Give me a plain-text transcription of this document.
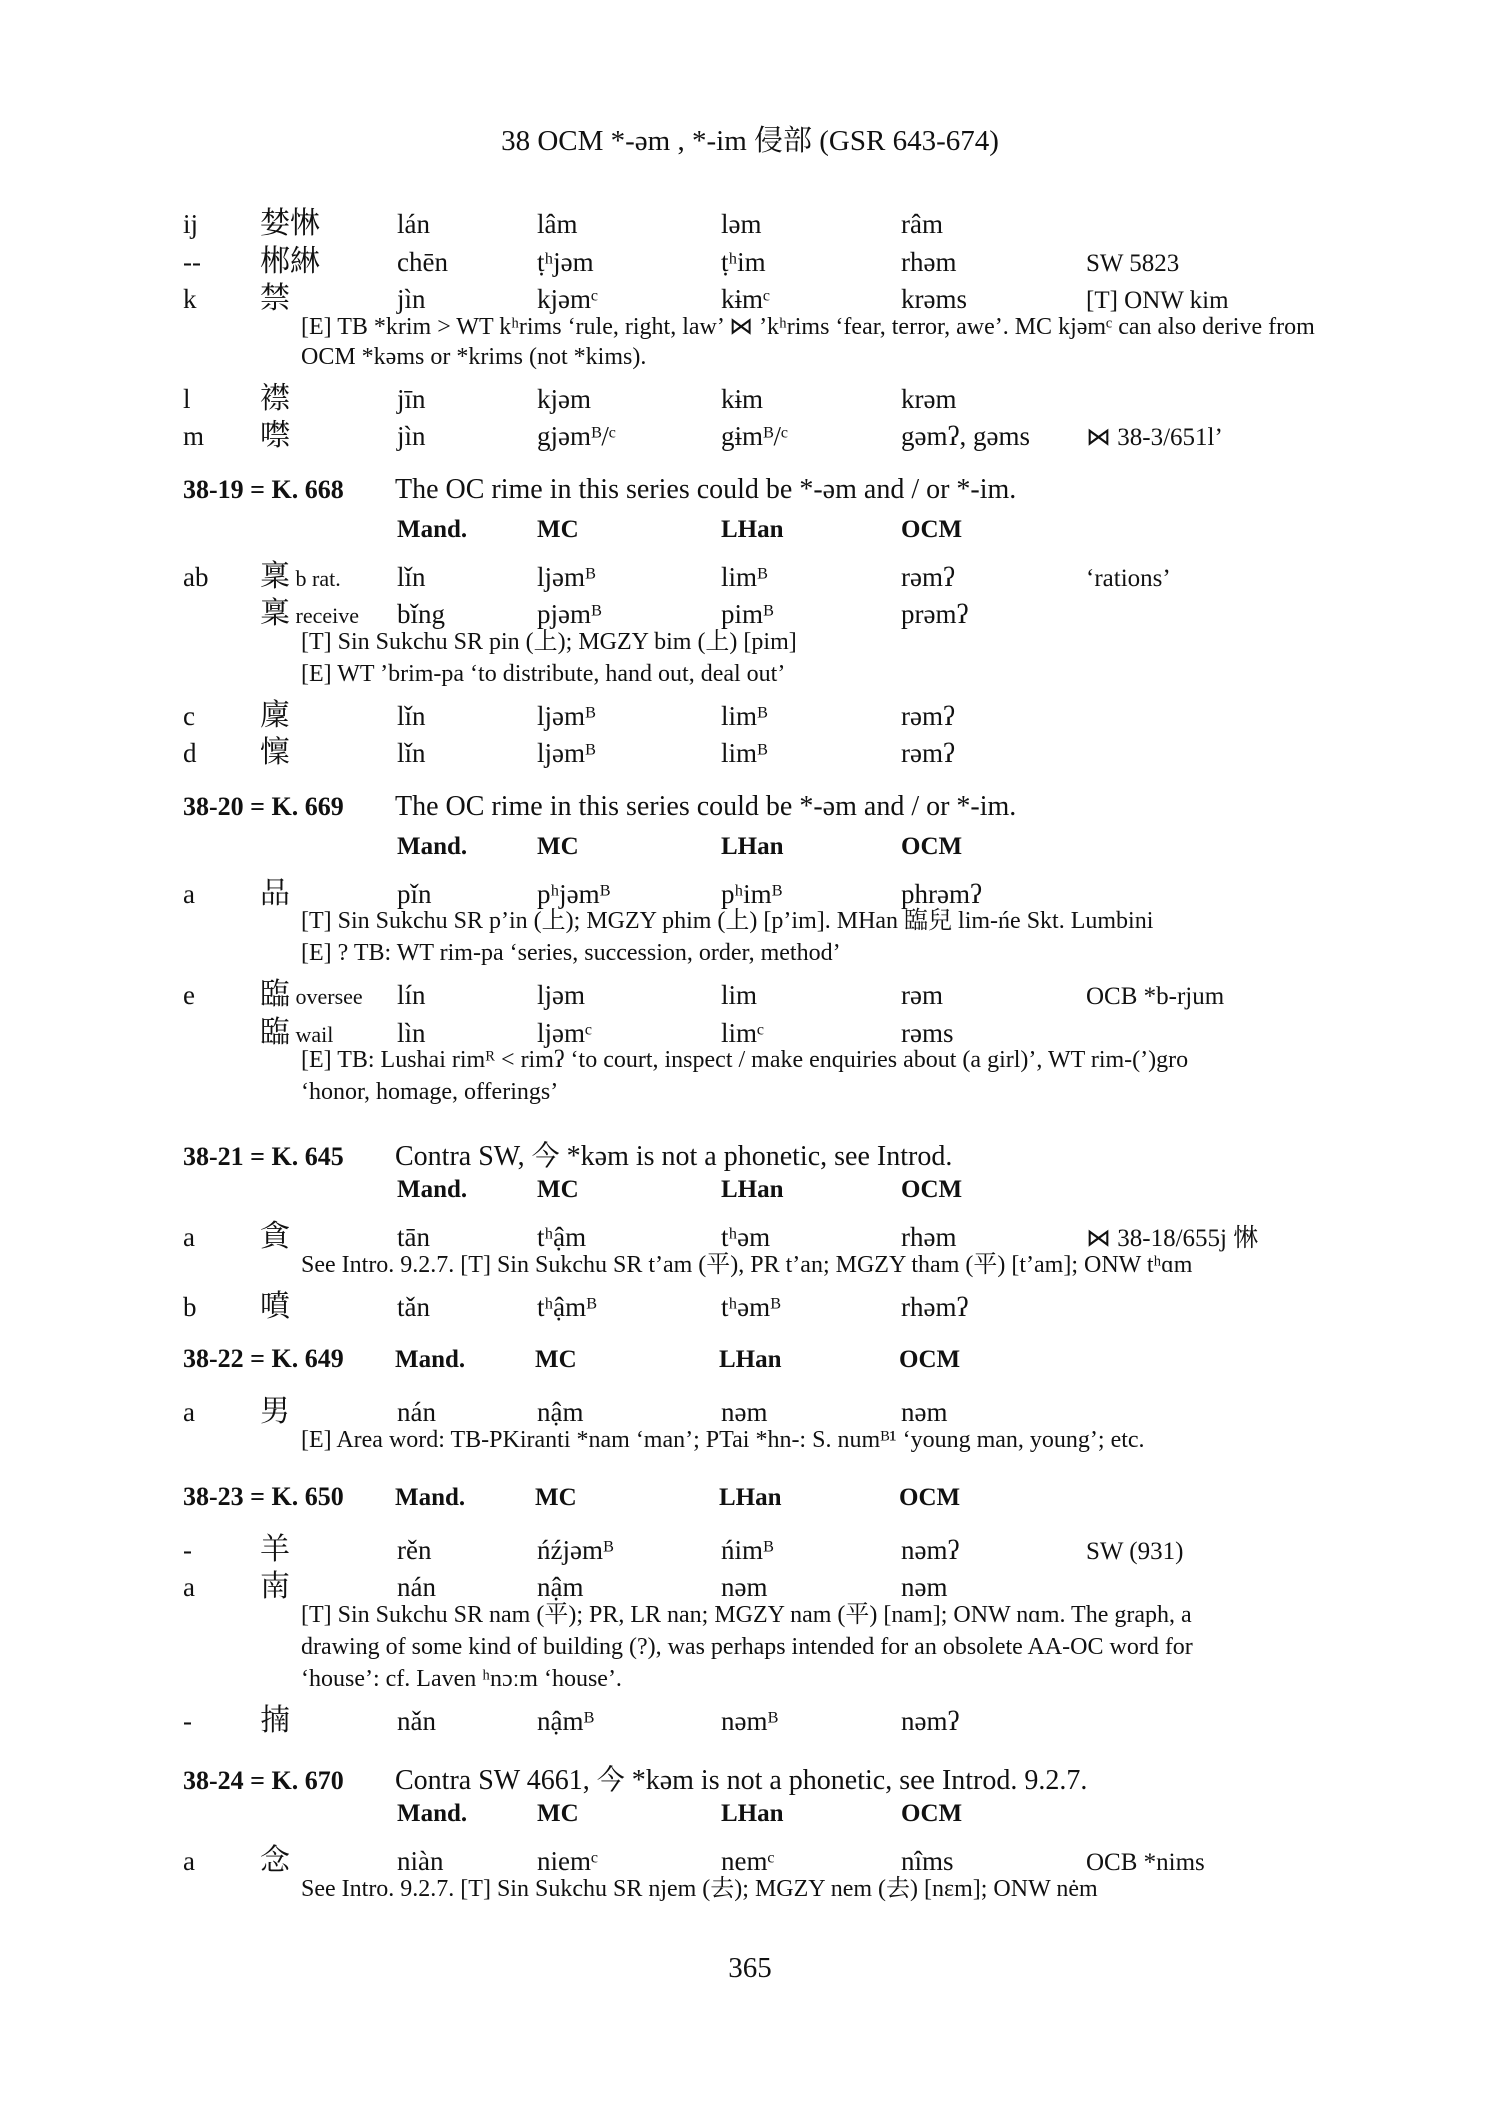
38 OCM *-əm , *-im 侵部 (GSR 643-674)
ij	婪惏	lán	lâm	ləm	râm
--	郴綝	chēn	ṭʰjəm	ṭʰim	rhəm	SW 5823
k	禁	jìn	kjəmᶜ	kɨmᶜ	krəms	[T] ONW kim
[E] TB *krim > WT kʰrims ‘rule, right, law’ ⋈ ’kʰrims ‘fear, terror, awe’. MC kjəmᶜ can also derive from OCM *kəms or *krims (not *kims).
l	襟	jīn	kjəm	kɨm	krəm
m	噤	jìn	gjəmᴮ/ᶜ	gɨmᴮ/ᶜ	gəmʔ, gəms	⋈ 38-3/651l’
38-19 = K. 668	The OC rime in this series could be *-əm and / or *-im.
Mand.	MC	LHan	OCM
ab	稟 b rat.	lǐn	ljəmᴮ	limᴮ	rəmʔ	‘rations’
稟 receive	bǐng	pjəmᴮ	pimᴮ	prəmʔ
[T] Sin Sukchu SR pin (上); MGZY bim (上) [pim]
[E] WT ’brim-pa ‘to distribute, hand out, deal out’
c	廩	lǐn	ljəmᴮ	limᴮ	rəmʔ
d	懍	lǐn	ljəmᴮ	limᴮ	rəmʔ
38-20 = K. 669	The OC rime in this series could be *-əm and / or *-im.
Mand.	MC	LHan	OCM
a	品	pǐn	pʰjəmᴮ	pʰimᴮ	phrəmʔ
[T] Sin Sukchu SR p’in (上); MGZY phim (上) [p’im]. MHan 臨兒 lim-ńe Skt. Lumbini
[E] ? TB: WT rim-pa ‘series, succession, order, method’
e	臨 oversee	lín	ljəm	lim	rəm	OCB *b-rjum
臨 wail	lìn	ljəmᶜ	limᶜ	rəms
[E] TB: Lushai rimᴿ < rimʔ ‘to court, inspect / make enquiries about (a girl)’, WT rim-(’)gro
‘honor, homage, offerings’
38-21 = K. 645	Contra SW, 今 *kəm is not a phonetic, see Introd.
Mand.	MC	LHan	OCM
a	貪	tān	tʰậm	tʰəm	rhəm	⋈ 38-18/655j 惏
See Intro. 9.2.7. [T] Sin Sukchu SR t’am (平), PR t’an; MGZY tham (平) [t’am]; ONW tʰɑm
b	噴	tǎn	tʰậmᴮ	tʰəmᴮ	rhəmʔ
38-22 = K. 649	Mand.	MC	LHan	OCM
a	男	nán	nậm	nəm	nəm
[E] Area word: TB-PKiranti *nam ‘man’; PTai *hn-: S. numᴮ¹ ‘young man, young’; etc.
38-23 = K. 650	Mand.	MC	LHan	OCM
-	羊	rěn	ńźjəmᴮ	ńimᴮ	nəmʔ	SW (931)
a	南	nán	nậm	nəm	nəm
[T] Sin Sukchu SR nam (平); PR, LR nan; MGZY nam (平) [nam]; ONW nɑm. The graph, a
drawing of some kind of building (?), was perhaps intended for an obsolete AA-OC word for
‘house’: cf. Laven ʰnɔːm ‘house’.
-	揇	nǎn	nậmᴮ	nəmᴮ	nəmʔ
38-24 = K. 670	Contra SW 4661, 今 *kəm is not a phonetic, see Introd. 9.2.7.
Mand.	MC	LHan	OCM
a	念	niàn	niemᶜ	nemᶜ	nîms	OCB *nims
See Intro. 9.2.7. [T] Sin Sukchu SR njem (去); MGZY nem (去) [nɛm]; ONW nėm
365
